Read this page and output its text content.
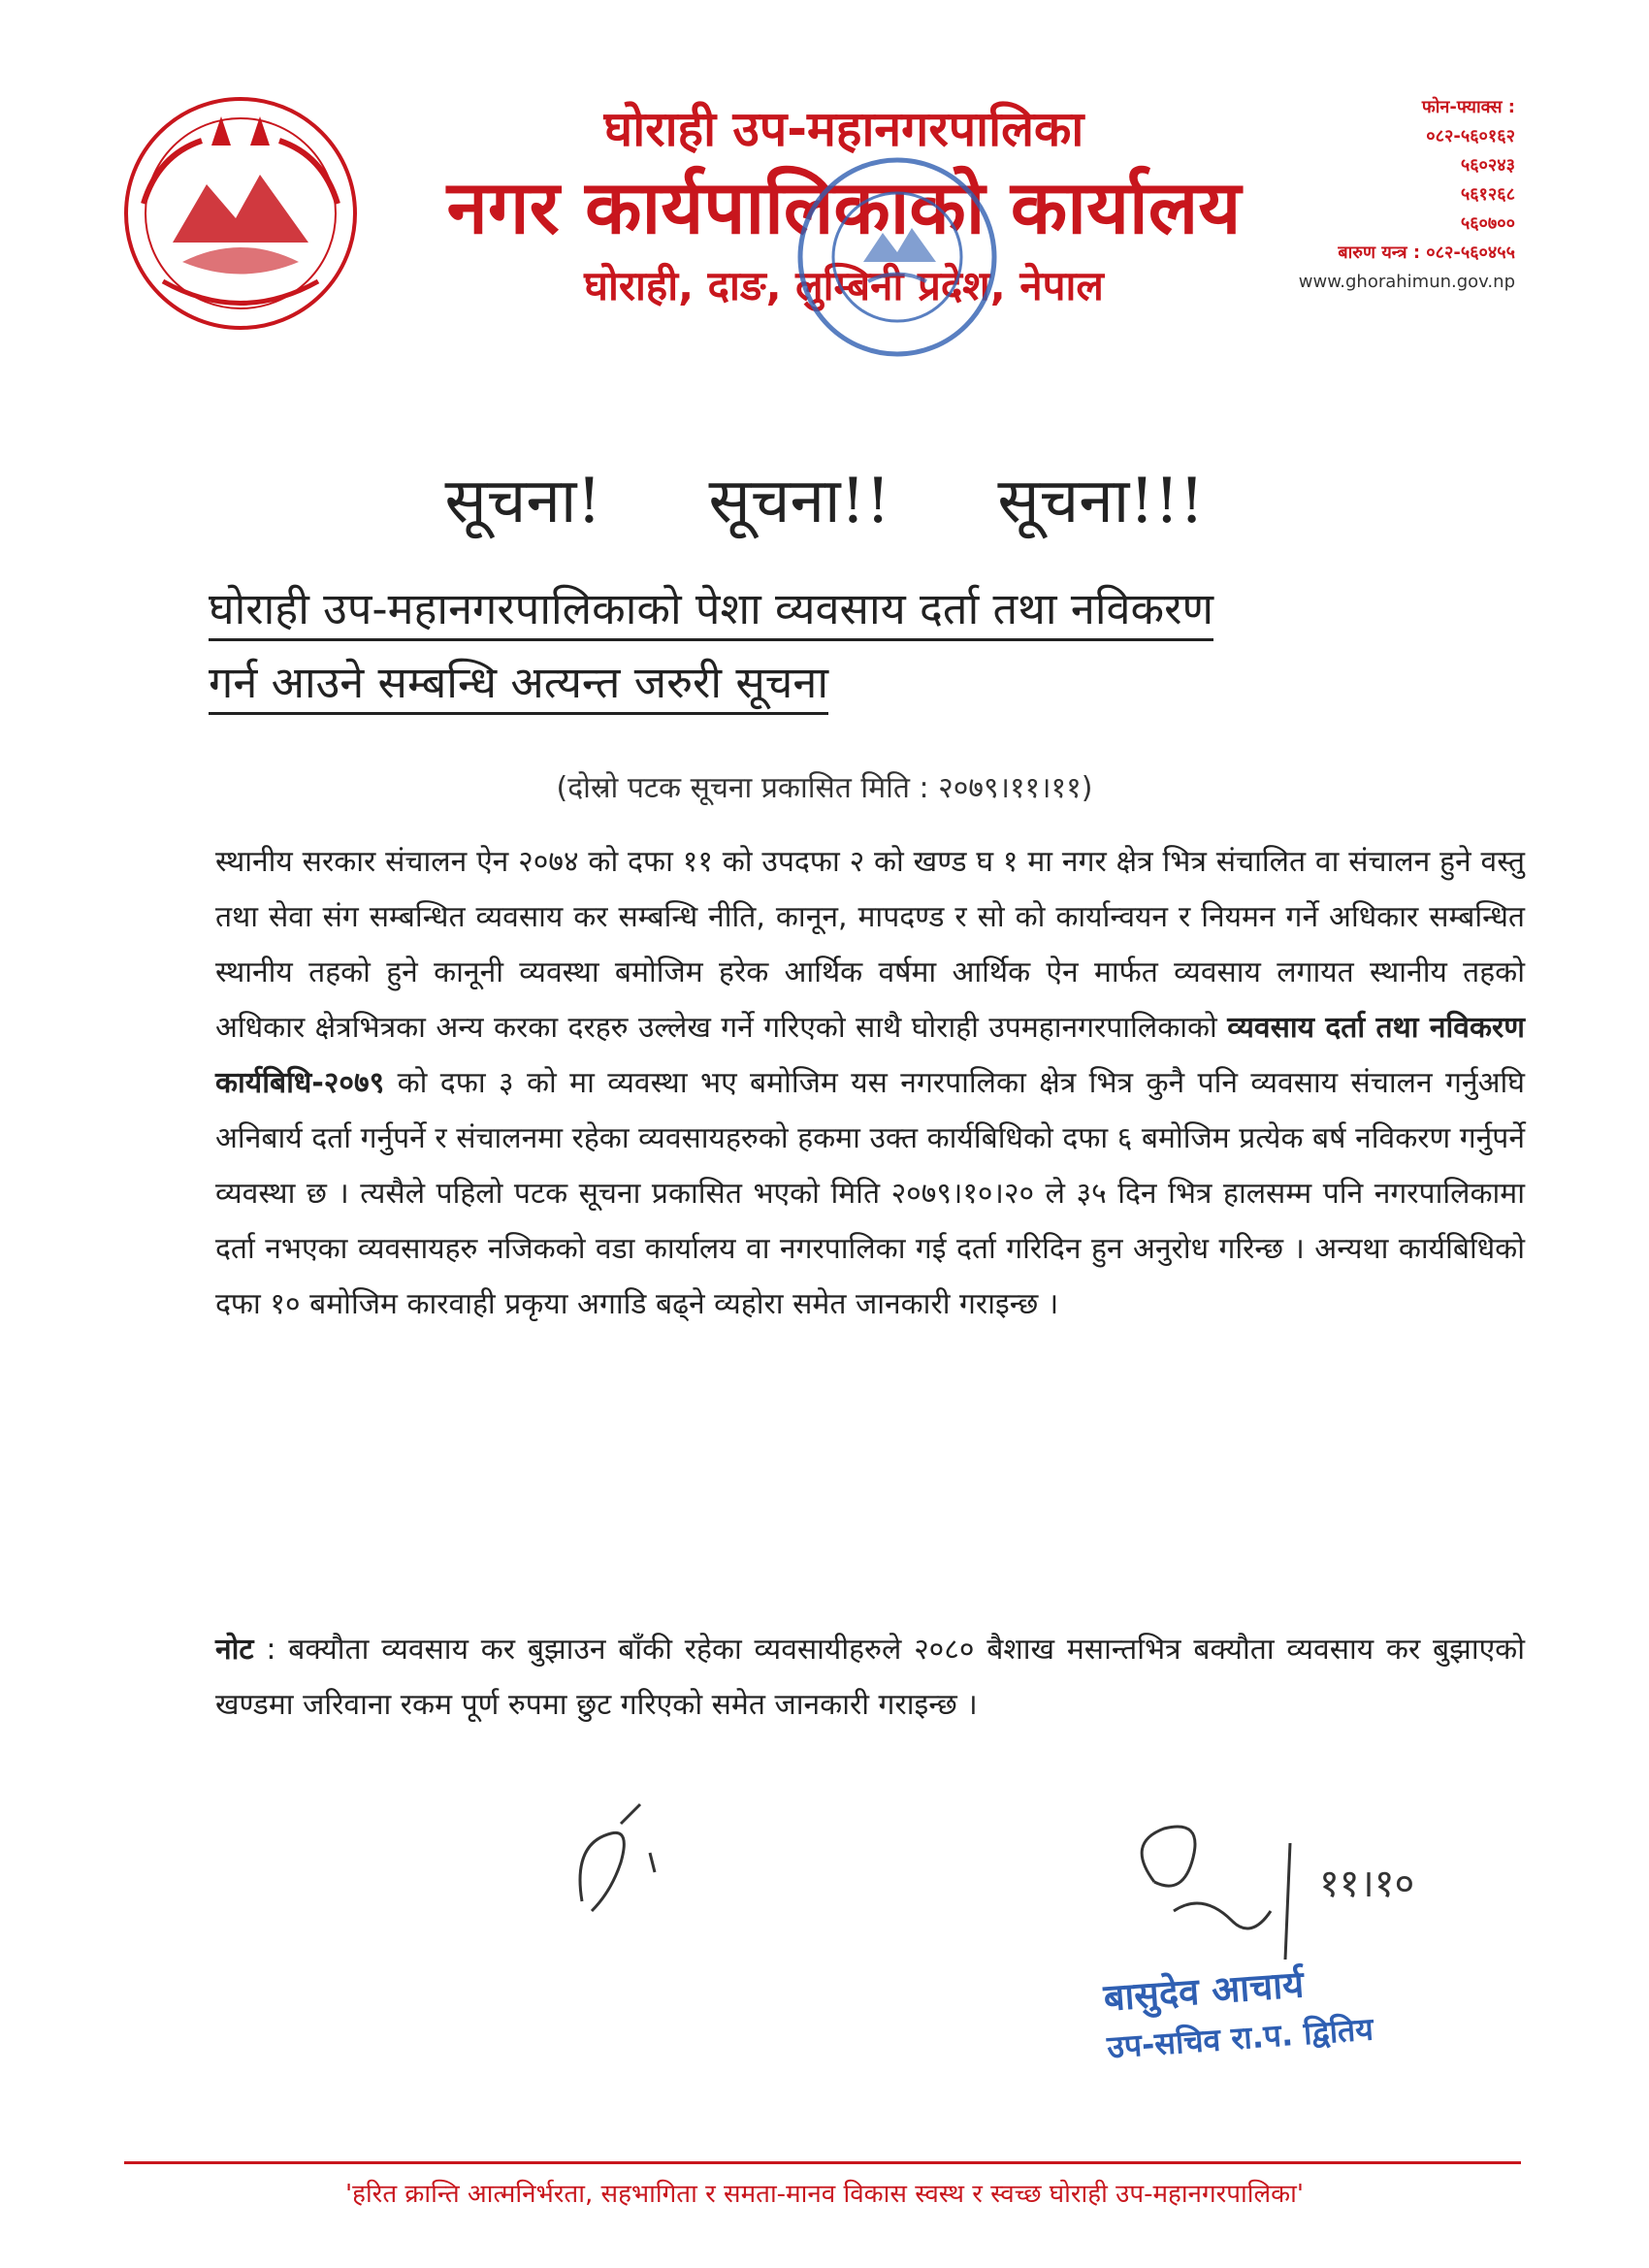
घोराही उप-महानगरपालिका
नगर कार्यपालिकाको कार्यालय
घोराही, दाङ, लुम्बिनी प्रदेश, नेपाल
फोन-फ्याक्स :
०८२-५६०१६२
५६०२४३
५६१२६८
५६०७००
बारुण यन्त्र : ०८२-५६०४५५
www.ghorahimun.gov.np
सूचना! सूचना!! सूचना!!!
घोराही उप-महानगरपालिकाको पेशा व्यवसाय दर्ता तथा नविकरण
गर्न आउने सम्बन्धि अत्यन्त जरुरी सूचना
(दोस्रो पटक सूचना प्रकासित मिति : २०७९।११।११)
स्थानीय सरकार संचालन ऐन २०७४ को दफा ११ को उपदफा २ को खण्ड घ १ मा नगर क्षेत्र भित्र संचालित वा संचालन हुने वस्तु तथा सेवा संग सम्बन्धित व्यवसाय कर सम्बन्धि नीति, कानून, मापदण्ड र सो को कार्यान्वयन र नियमन गर्ने अधिकार सम्बन्धित स्थानीय तहको हुने कानूनी व्यवस्था बमोजिम हरेक आर्थिक वर्षमा आर्थिक ऐन मार्फत व्यवसाय लगायत स्थानीय तहको अधिकार क्षेत्रभित्रका अन्य करका दरहरु उल्लेख गर्ने गरिएको साथै घोराही उपमहानगरपालिकाको व्यवसाय दर्ता तथा नविकरण कार्यबिधि-२०७९ को दफा ३ को मा व्यवस्था भए बमोजिम यस नगरपालिका क्षेत्र भित्र कुनै पनि व्यवसाय संचालन गर्नुअघि अनिबार्य दर्ता गर्नुपर्ने र संचालनमा रहेका व्यवसायहरुको हकमा उक्त कार्यबिधिको दफा ६ बमोजिम प्रत्येक बर्ष नविकरण गर्नुपर्ने व्यवस्था छ । त्यसैले पहिलो पटक सूचना प्रकासित भएको मिति २०७९।१०।२० ले ३५ दिन भित्र हालसम्म पनि नगरपालिकामा दर्ता नभएका व्यवसायहरु नजिकको वडा कार्यालय वा नगरपालिका गई दर्ता गरिदिन हुन अनुरोध गरिन्छ । अन्यथा कार्यबिधिको दफा १० बमोजिम कारवाही प्रकृया अगाडि बढ्ने व्यहोरा समेत जानकारी गराइन्छ ।
नोट : बक्यौता व्यवसाय कर बुझाउन बाँकी रहेका व्यवसायीहरुले २०८० बैशाख मसान्तभित्र बक्यौता व्यवसाय कर बुझाएको खण्डमा जरिवाना रकम पूर्ण रुपमा छुट गरिएको समेत जानकारी गराइन्छ ।
११।१०
बासुदेव आचार्य
उप-सचिव रा.प. द्वितिय
'हरित क्रान्ति आत्मनिर्भरता, सहभागिता र समता-मानव विकास स्वस्थ र स्वच्छ घोराही उप-महानगरपालिका'
